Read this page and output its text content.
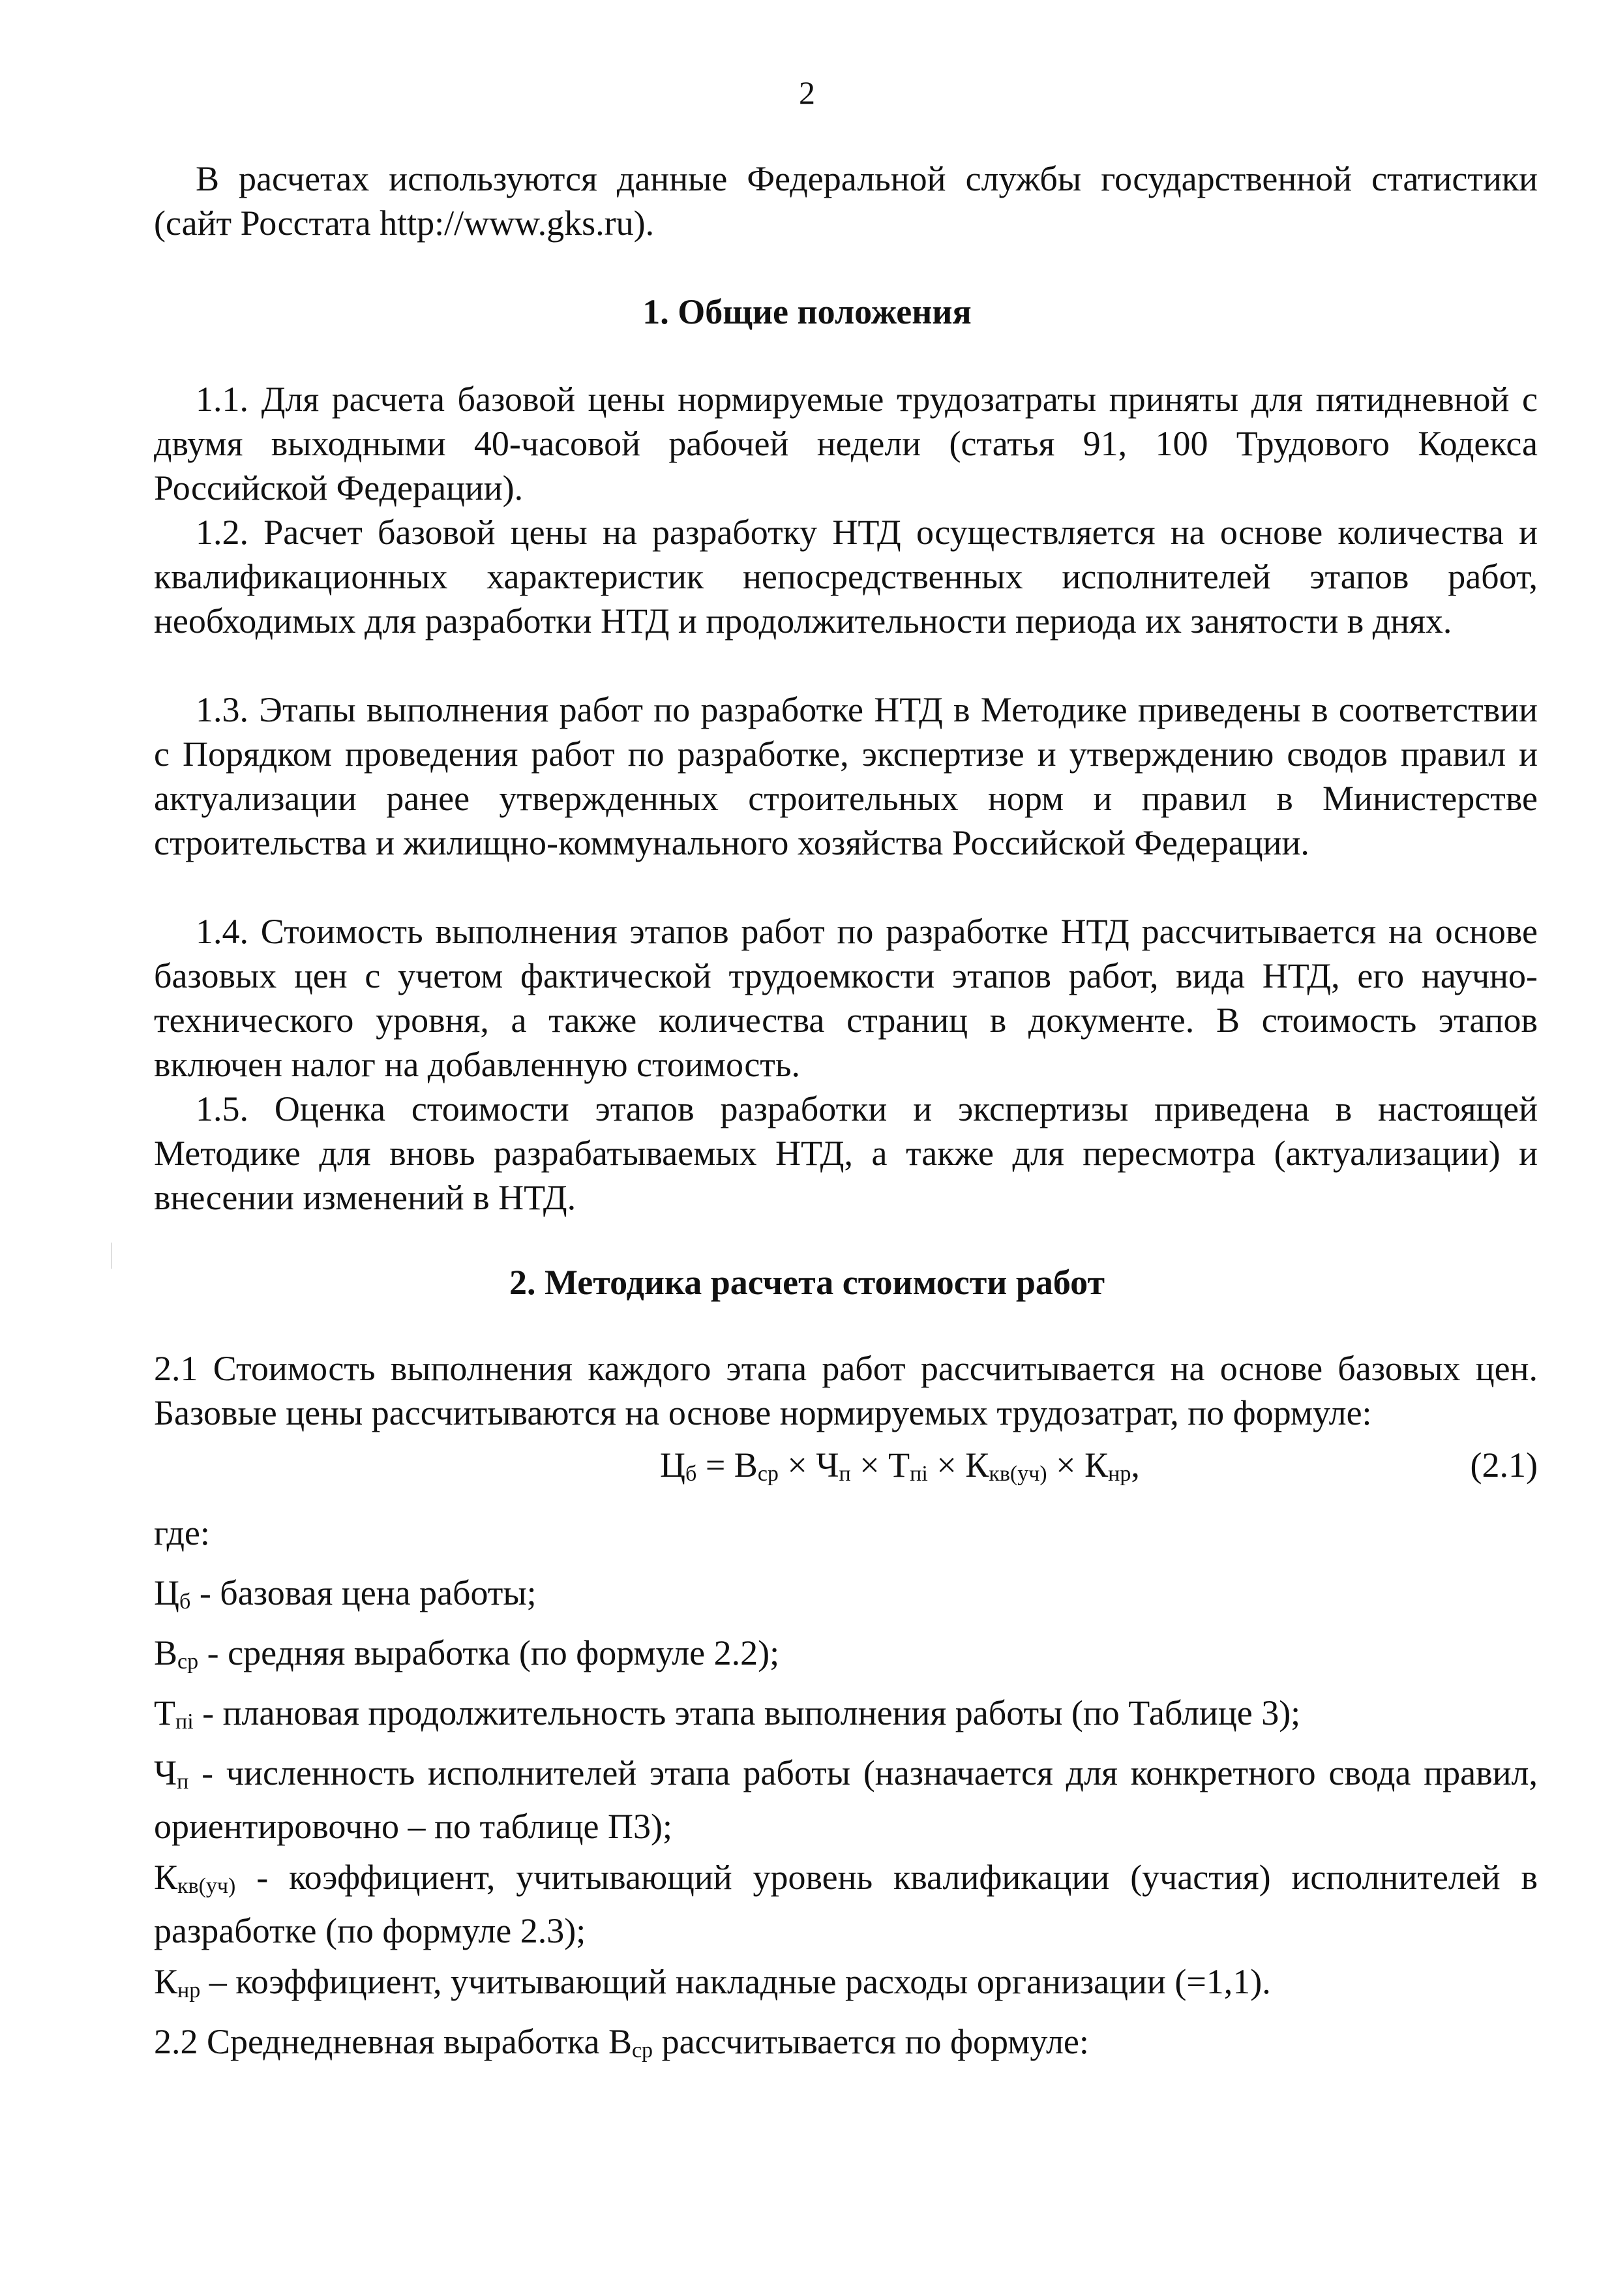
2
В расчетах используются данные Федеральной службы государственной статистики (сайт Росстата http://www.gks.ru).
1. Общие положения
1.1. Для расчета базовой цены нормируемые трудозатраты приняты для пятидневной с двумя выходными 40-часовой рабочей недели (статья 91, 100 Трудового Кодекса Российской Федерации).
1.2. Расчет базовой цены на разработку НТД осуществляется на основе количества и квалификационных характеристик непосредственных исполнителей этапов работ, необходимых для разработки НТД и продолжительности периода их занятости в днях.
1.3. Этапы выполнения работ по разработке НТД в Методике приведены в соответствии с Порядком проведения работ по разработке, экспертизе и утверждению сводов правил и актуализации ранее утвержденных строительных норм и правил в Министерстве строительства и жилищно-коммунального хозяйства Российской Федерации.
1.4. Стоимость выполнения этапов работ по разработке НТД рассчитывается на основе базовых цен с учетом фактической трудоемкости этапов работ, вида НТД, его научно-технического уровня, а также количества страниц в документе. В стоимость этапов включен налог на добавленную стоимость.
1.5. Оценка стоимости этапов разработки и экспертизы приведена в настоящей Методике для вновь разрабатываемых НТД, а также для пересмотра (актуализации) и внесении изменений в НТД.
2. Методика расчета стоимости работ
2.1 Стоимость выполнения каждого этапа работ рассчитывается на основе базовых цен. Базовые цены рассчитываются на основе нормируемых трудозатрат, по формуле:
Цб = Вср × Чп × Тпi × Ккв(уч) × Кнр,	(2.1)
где:
Цб - базовая цена работы;
Вср - средняя выработка (по формуле 2.2);
Тпi - плановая продолжительность этапа выполнения работы (по Таблице 3);
Чп - численность исполнителей этапа работы (назначается для конкретного свода правил, ориентировочно – по таблице П3);
Ккв(уч) - коэффициент, учитывающий уровень квалификации (участия) исполнителей в разработке (по формуле 2.3);
Кнр – коэффициент, учитывающий накладные расходы организации (=1,1).
2.2 Среднедневная выработка Вср рассчитывается по формуле:
